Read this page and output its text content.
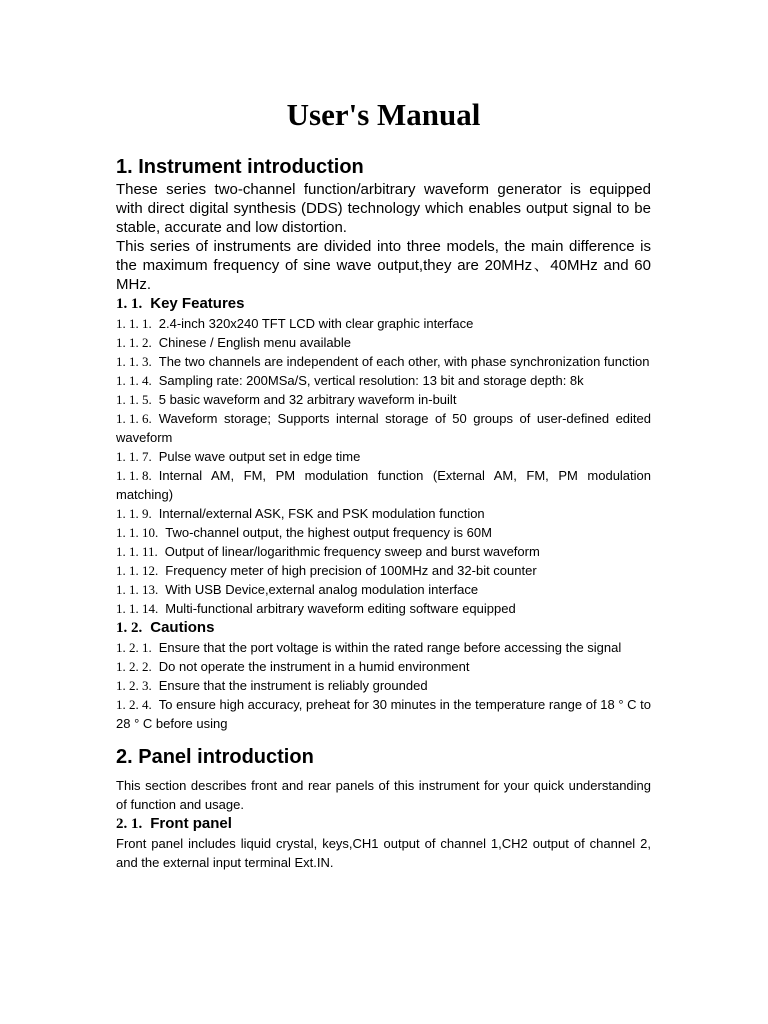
User's Manual
1. Instrument introduction

These series two-channel function/arbitrary waveform generator is equipped with direct digital synthesis (DDS) technology which enables output signal to be stable, accurate and low distortion.

This series of instruments are divided into three models, the main difference is the maximum frequency of sine wave output,they are 20MHz、40MHz and 60 MHz.

1. 1. Key Features

1. 1. 1. 2.4-inch 320x240 TFT LCD with clear graphic interface

1. 1. 2. Chinese / English menu available

1. 1. 3. The two channels are independent of each other, with phase synchronization function

1. 1. 4. Sampling rate: 200MSa/S, vertical resolution: 13 bit and storage depth: 8k

1. 1. 5. 5 basic waveform and 32 arbitrary waveform in-built

1. 1. 6. Waveform storage; Supports internal storage of 50 groups of user-defined edited waveform

1. 1. 7. Pulse wave output set in edge time

1. 1. 8. Internal AM, FM, PM modulation function (External AM, FM, PM modulation matching)

1. 1. 9. Internal/external ASK, FSK and PSK modulation function

1. 1. 10. Two-channel output, the highest output frequency is 60M

1. 1. 11. Output of linear/logarithmic frequency sweep and burst waveform

1. 1. 12. Frequency meter of high precision of 100MHz and 32-bit counter

1. 1. 13. With USB Device,external analog modulation interface

1. 1. 14. Multi-functional arbitrary waveform editing software equipped

1. 2. Cautions

1. 2. 1. Ensure that the port voltage is within the rated range before accessing the signal

1. 2. 2. Do not operate the instrument in a humid environment

1. 2. 3. Ensure that the instrument is reliably grounded

1. 2. 4. To ensure high accuracy, preheat for 30 minutes in the temperature range of 18 ° C to 28 ° C before using

2. Panel introduction

This section describes front and rear panels of this instrument for your quick understanding of function and usage.

2. 1. Front panel

Front panel includes liquid crystal, keys,CH1 output of channel 1,CH2 output of channel 2, and the external input terminal Ext.IN.
